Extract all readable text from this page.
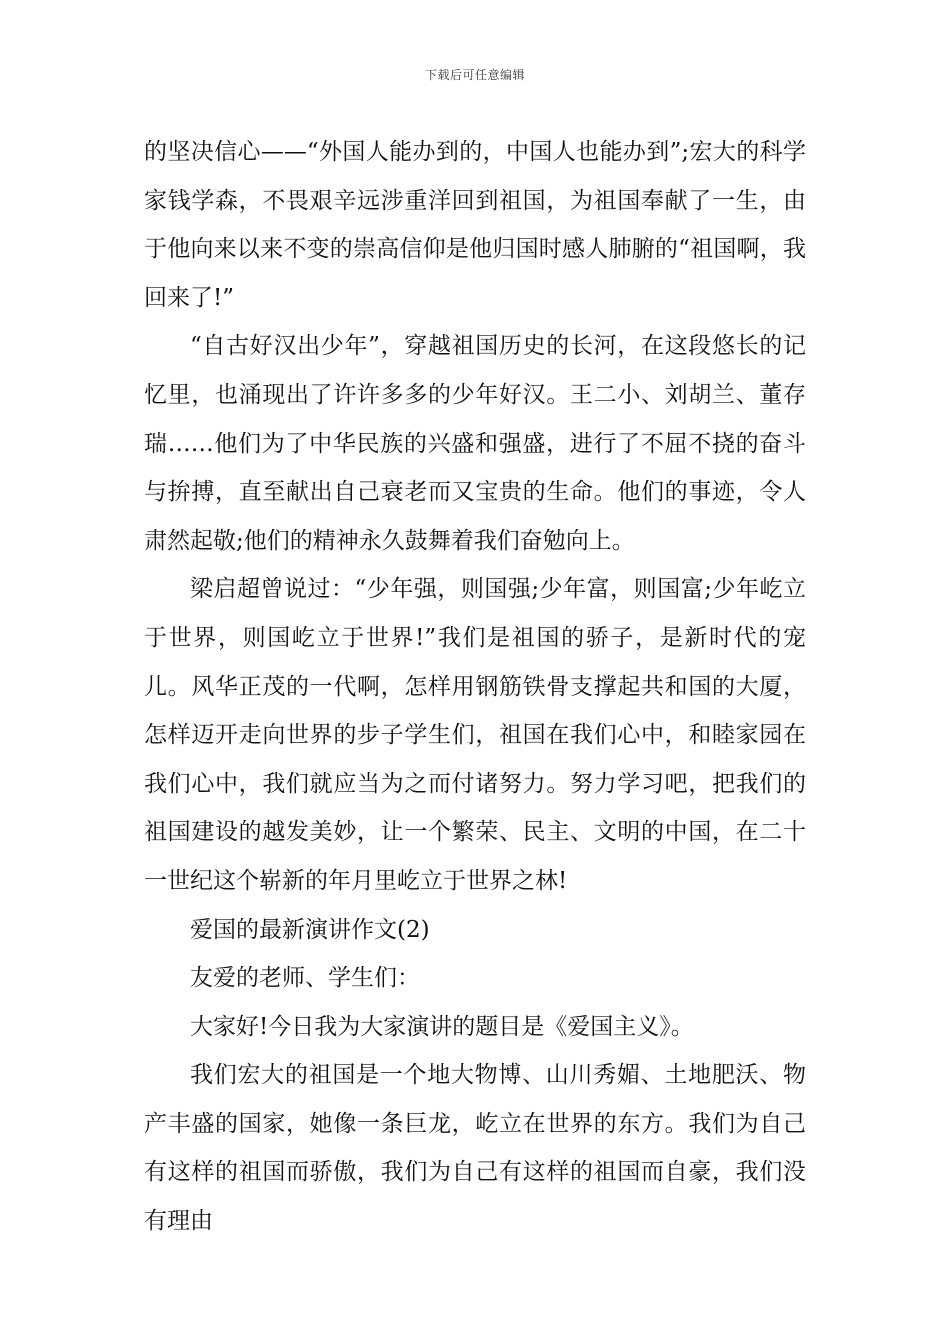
下载后可任意编辑

的坚决信心——“外国人能办到的，中国人也能办到”;宏大的科学家钱学森，不畏艰辛远涉重洋回到祖国，为祖国奉献了一生，由于他向来以来不变的崇高信仰是他归国时感人肺腑的“祖国啊，我回来了!”

“自古好汉出少年”，穿越祖国历史的长河，在这段悠长的记忆里，也涌现出了许许多多的少年好汉。王二小、刘胡兰、董存瑞……他们为了中华民族的兴盛和强盛，进行了不屈不挠的奋斗与拚搏，直至献出自己衰老而又宝贵的生命。他们的事迹，令人肃然起敬;他们的精神永久鼓舞着我们奋勉向上。

梁启超曾说过：“少年强，则国强;少年富，则国富;少年屹立于世界，则国屹立于世界!”我们是祖国的骄子，是新时代的宠儿。风华正茂的一代啊，怎样用钢筋铁骨支撑起共和国的大厦，怎样迈开走向世界的步子学生们，祖国在我们心中，和睦家园在我们心中，我们就应当为之而付诸努力。努力学习吧，把我们的祖国建设的越发美妙，让一个繁荣、民主、文明的中国，在二十一世纪这个崭新的年月里屹立于世界之林!

爱国的最新演讲作文(2)

友爱的老师、学生们：

大家好!今日我为大家演讲的题目是《爱国主义》。

我们宏大的祖国是一个地大物博、山川秀媚、土地肥沃、物产丰盛的国家，她像一条巨龙，屹立在世界的东方。我们为自己有这样的祖国而骄傲，我们为自己有这样的祖国而自豪，我们没有理由
